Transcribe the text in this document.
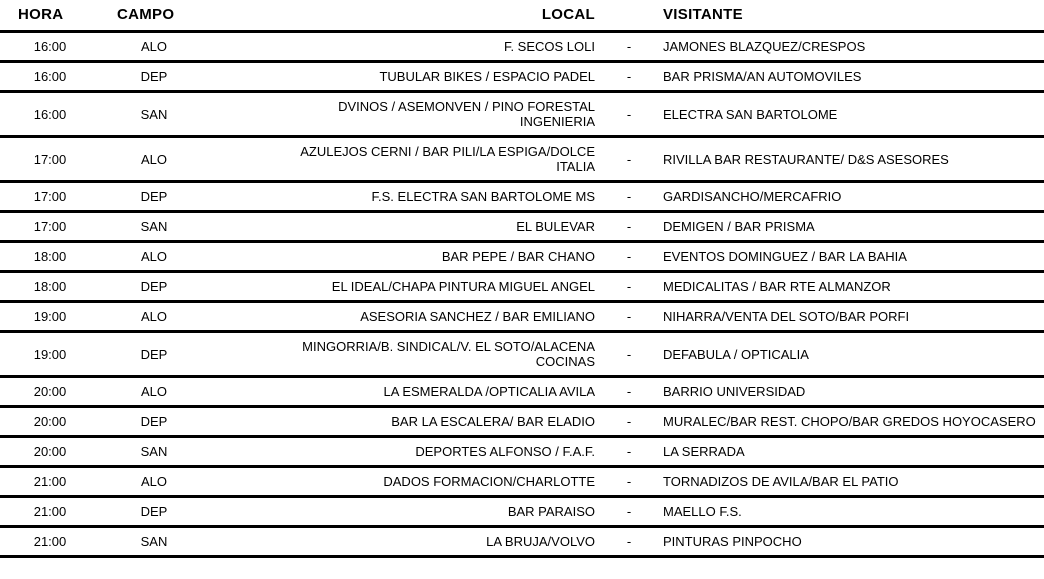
HORA	CAMPO	LOCAL		VISITANTE
16:00	ALO	F. SECOS LOLI	-	JAMONES BLAZQUEZ/CRESPOS
16:00	DEP	TUBULAR BIKES / ESPACIO PADEL	-	BAR PRISMA/AN AUTOMOVILES
16:00	SAN	DVINOS / ASEMONVEN / PINO FORESTAL INGENIERIA	-	ELECTRA SAN BARTOLOME
17:00	ALO	AZULEJOS CERNI / BAR PILI/LA ESPIGA/DOLCE ITALIA	-	RIVILLA BAR RESTAURANTE/ D&S ASESORES
17:00	DEP	F.S. ELECTRA SAN BARTOLOME MS	-	GARDISANCHO/MERCAFRIO
17:00	SAN	EL BULEVAR	-	DEMIGEN / BAR PRISMA
18:00	ALO	BAR PEPE / BAR CHANO	-	EVENTOS DOMINGUEZ / BAR LA BAHIA
18:00	DEP	EL IDEAL/CHAPA PINTURA MIGUEL ANGEL	-	MEDICALITAS / BAR RTE ALMANZOR
19:00	ALO	ASESORIA SANCHEZ / BAR EMILIANO	-	NIHARRA/VENTA DEL SOTO/BAR PORFI
19:00	DEP	MINGORRIA/B. SINDICAL/V. EL SOTO/ALACENA COCINAS	-	DEFABULA / OPTICALIA
20:00	ALO	LA ESMERALDA /OPTICALIA AVILA	-	BARRIO UNIVERSIDAD
20:00	DEP	BAR LA ESCALERA/ BAR ELADIO	-	MURALEC/BAR REST. CHOPO/BAR GREDOS HOYOCASERO
20:00	SAN	DEPORTES ALFONSO / F.A.F.	-	LA SERRADA
21:00	ALO	DADOS FORMACION/CHARLOTTE	-	TORNADIZOS DE AVILA/BAR EL PATIO
21:00	DEP	BAR PARAISO	-	MAELLO F.S.
21:00	SAN	LA BRUJA/VOLVO	-	PINTURAS PINPOCHO
